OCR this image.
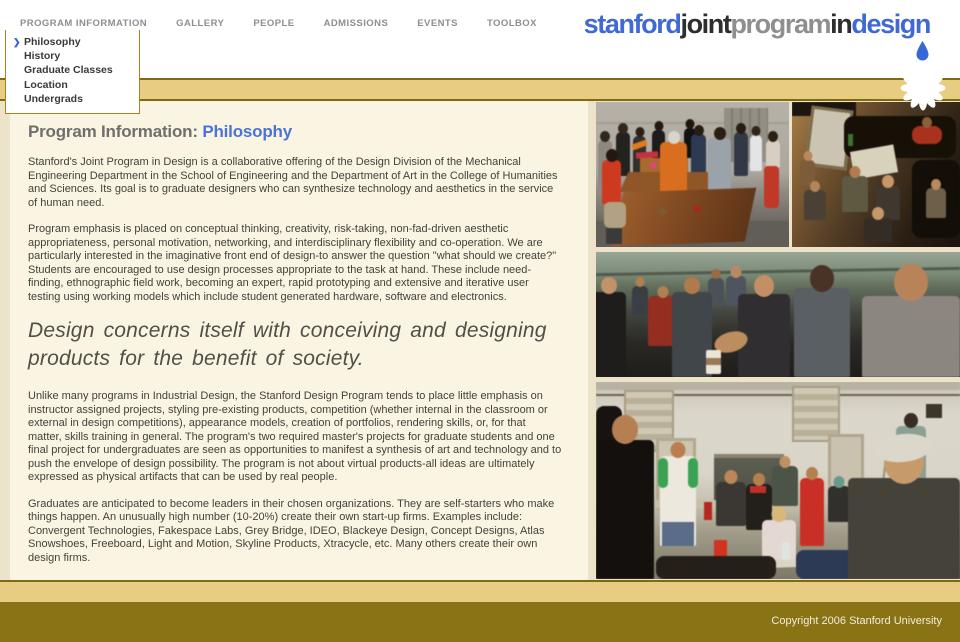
PROGRAM INFORMATION	GALLERY	PEOPLE	ADMISSIONS	EVENTS	TOOLBOX stanfordjointprogramindesign
❯ Philosophy
History
Graduate Classes
Location
Undergrads
Program Information: Philosophy

Stanford's Joint Program in Design is a collaborative offering of the Design Division of the Mechanical Engineering Department in the School of Engineering and the Department of Art in the College of Humanities and Sciences. Its goal is to graduate designers who can synthesize technology and aesthetics in the service of human need.

Program emphasis is placed on conceptual thinking, creativity, risk-taking, non-fad-driven aesthetic appropriateness, personal motivation, networking, and interdisciplinary flexibility and co-operation. We are particularly interested in the imaginative front end of design-to answer the question "what should we create?" Students are encouraged to use design processes appropriate to the task at hand. These include need-finding, ethnographic field work, becoming an expert, rapid prototyping and extensive and iterative user testing using working models which include student generated hardware, software and electronics.

Design concerns itself with conceiving and designing products for the benefit of society.

Unlike many programs in Industrial Design, the Stanford Design Program tends to place little emphasis on instructor assigned projects, styling pre-existing products, competition (whether internal in the classroom or external in design competitions), appearance models, creation of portfolios, rendering skills, or, for that matter, skills training in general. The program's two required master's projects for graduate students and one final project for undergraduates are seen as opportunities to manifest a synthesis of art and technology and to push the envelope of design possibility. The program is not about virtual products-all ideas are ultimately expressed as physical artifacts that can be used by real people.

Graduates are anticipated to become leaders in their chosen organizations. They are self-starters who make things happen. An unusually high number (10-20%) create their own start-up firms. Examples include: Convergent Technologies, Fakespace Labs, Grey Bridge, IDEO, Blackeye Design, Concept Designs, Atlas Snowshoes, Freeboard, Light and Motion, Skyline Products, Xtracycle, etc. Many others create their own design firms.

Copyright 2006 Stanford University
